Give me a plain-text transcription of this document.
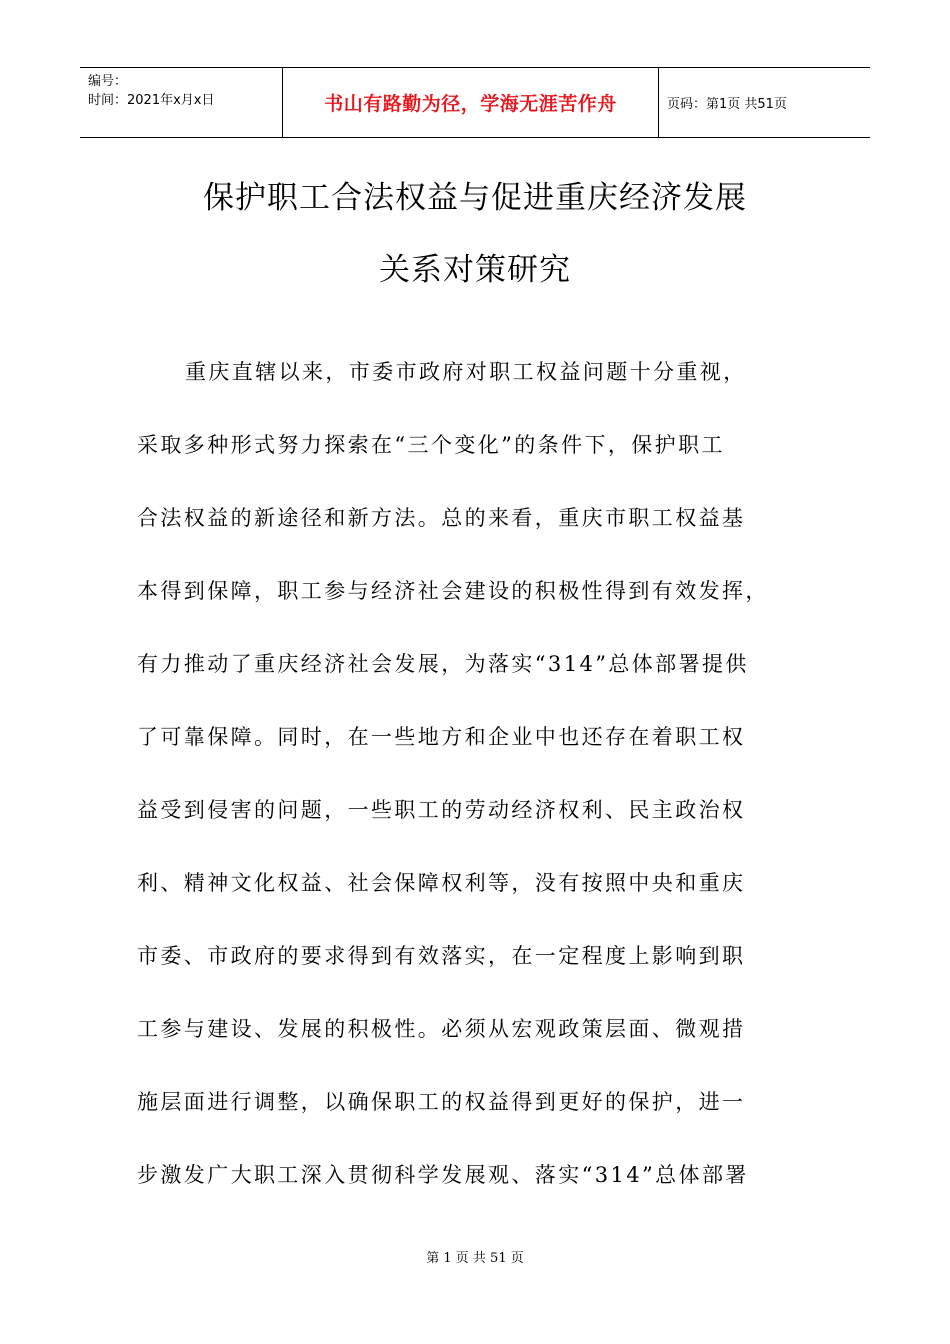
编号：
时间：2021年x月x日	书山有路勤为径，学海无涯苦作舟	页码：第1页 共51页
保护职工合法权益与促进重庆经济发展
关系对策研究
重庆直辖以来，市委市政府对职工权益问题十分重视，
采取多种形式努力探索在“三个变化”的条件下，保护职工
合法权益的新途径和新方法。总的来看，重庆市职工权益基
本得到保障，职工参与经济社会建设的积极性得到有效发挥，
有力推动了重庆经济社会发展，为落实“314”总体部署提供
了可靠保障。同时，在一些地方和企业中也还存在着职工权
益受到侵害的问题，一些职工的劳动经济权利、民主政治权
利、精神文化权益、社会保障权利等，没有按照中央和重庆
市委、市政府的要求得到有效落实，在一定程度上影响到职
工参与建设、发展的积极性。必须从宏观政策层面、微观措
施层面进行调整，以确保职工的权益得到更好的保护，进一
步激发广大职工深入贯彻科学发展观、落实“314”总体部署
第 1 页 共 51 页
